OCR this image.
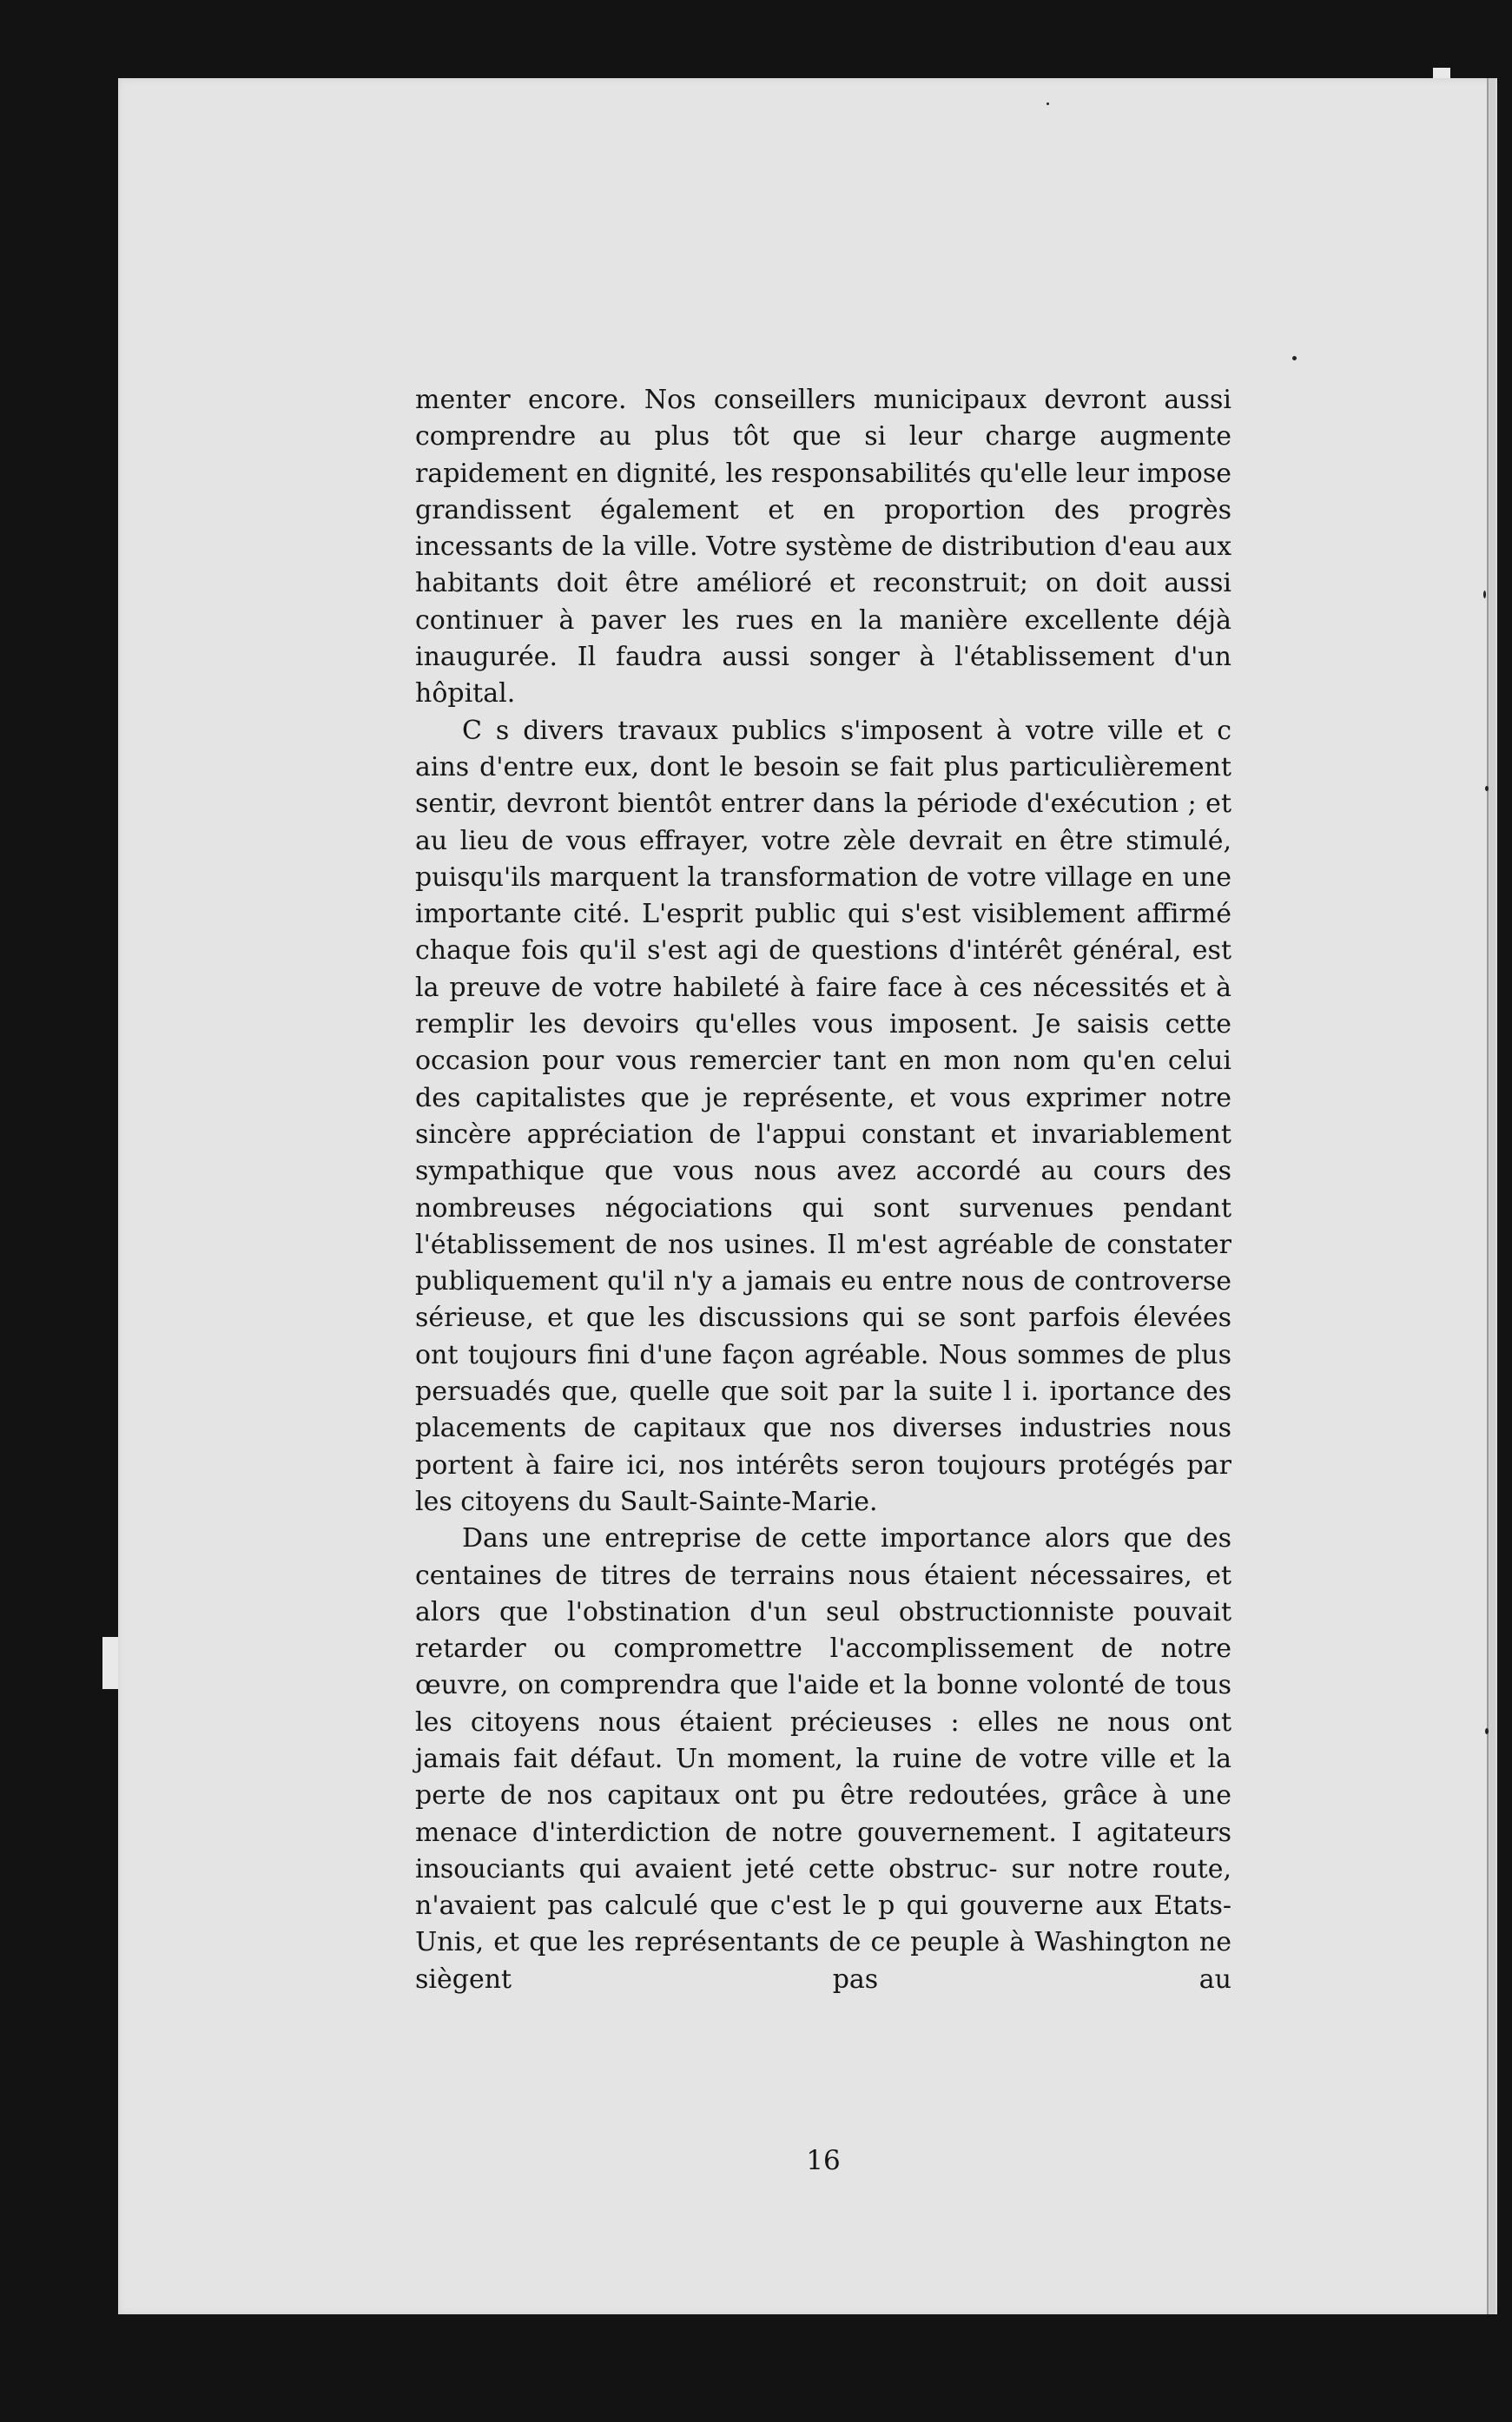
menter encore. Nos conseillers municipaux devront aussi comprendre au plus tôt que si leur charge augmente rapidement en dignité, les responsabilités qu'elle leur impose grandissent également et en proportion des progrès incessants de la ville. Votre système de distribution d'eau aux habitants doit être amélioré et reconstruit; on doit aussi continuer à paver les rues en la manière excellente déjà inaugurée. Il faudra aussi songer à l'établissement d'un hôpital.

C s divers travaux publics s'imposent à votre ville et c ains d'entre eux, dont le besoin se fait plus particulièrement sentir, devront bientôt entrer dans la période d'exécution ; et au lieu de vous effrayer, votre zèle devrait en être stimulé, puisqu'ils marquent la transformation de votre village en une importante cité. L'esprit public qui s'est visiblement affirmé chaque fois qu'il s'est agi de questions d'intérêt général, est la preuve de votre habileté à faire face à ces nécessités et à remplir les devoirs qu'elles vous imposent. Je saisis cette occasion pour vous remercier tant en mon nom qu'en celui des capitalistes que je représente, et vous exprimer notre sincère appréciation de l'appui constant et invariablement sympathique que vous nous avez accordé au cours des nombreuses négociations qui sont survenues pendant l'établissement de nos usines. Il m'est agréable de constater publiquement qu'il n'y a jamais eu entre nous de controverse sérieuse, et que les discussions qui se sont parfois élevées ont toujours fini d'une façon agréable. Nous sommes de plus persuadés que, quelle que soit par la suite l i. iportance des placements de capitaux que nos diverses industries nous portent à faire ici, nos intérêts seron toujours protégés par les citoyens du Sault-Sainte-Marie.

Dans une entreprise de cette importance alors que des centaines de titres de terrains nous étaient nécessaires, et alors que l'obstination d'un seul obstructionniste pouvait retarder ou compromettre l'accomplissement de notre œuvre, on comprendra que l'aide et la bonne volonté de tous les citoyens nous étaient précieuses : elles ne nous ont jamais fait défaut. Un moment, la ruine de votre ville et la perte de nos capitaux ont pu être redoutées, grâce à une menace d'interdiction de notre gouvernement. I agitateurs insouciants qui avaient jeté cette obstruc- sur notre route, n'avaient pas calculé que c'est le p qui gouverne aux Etats-Unis, et que les représentants de ce peuple à Washington ne siègent pas au

16
